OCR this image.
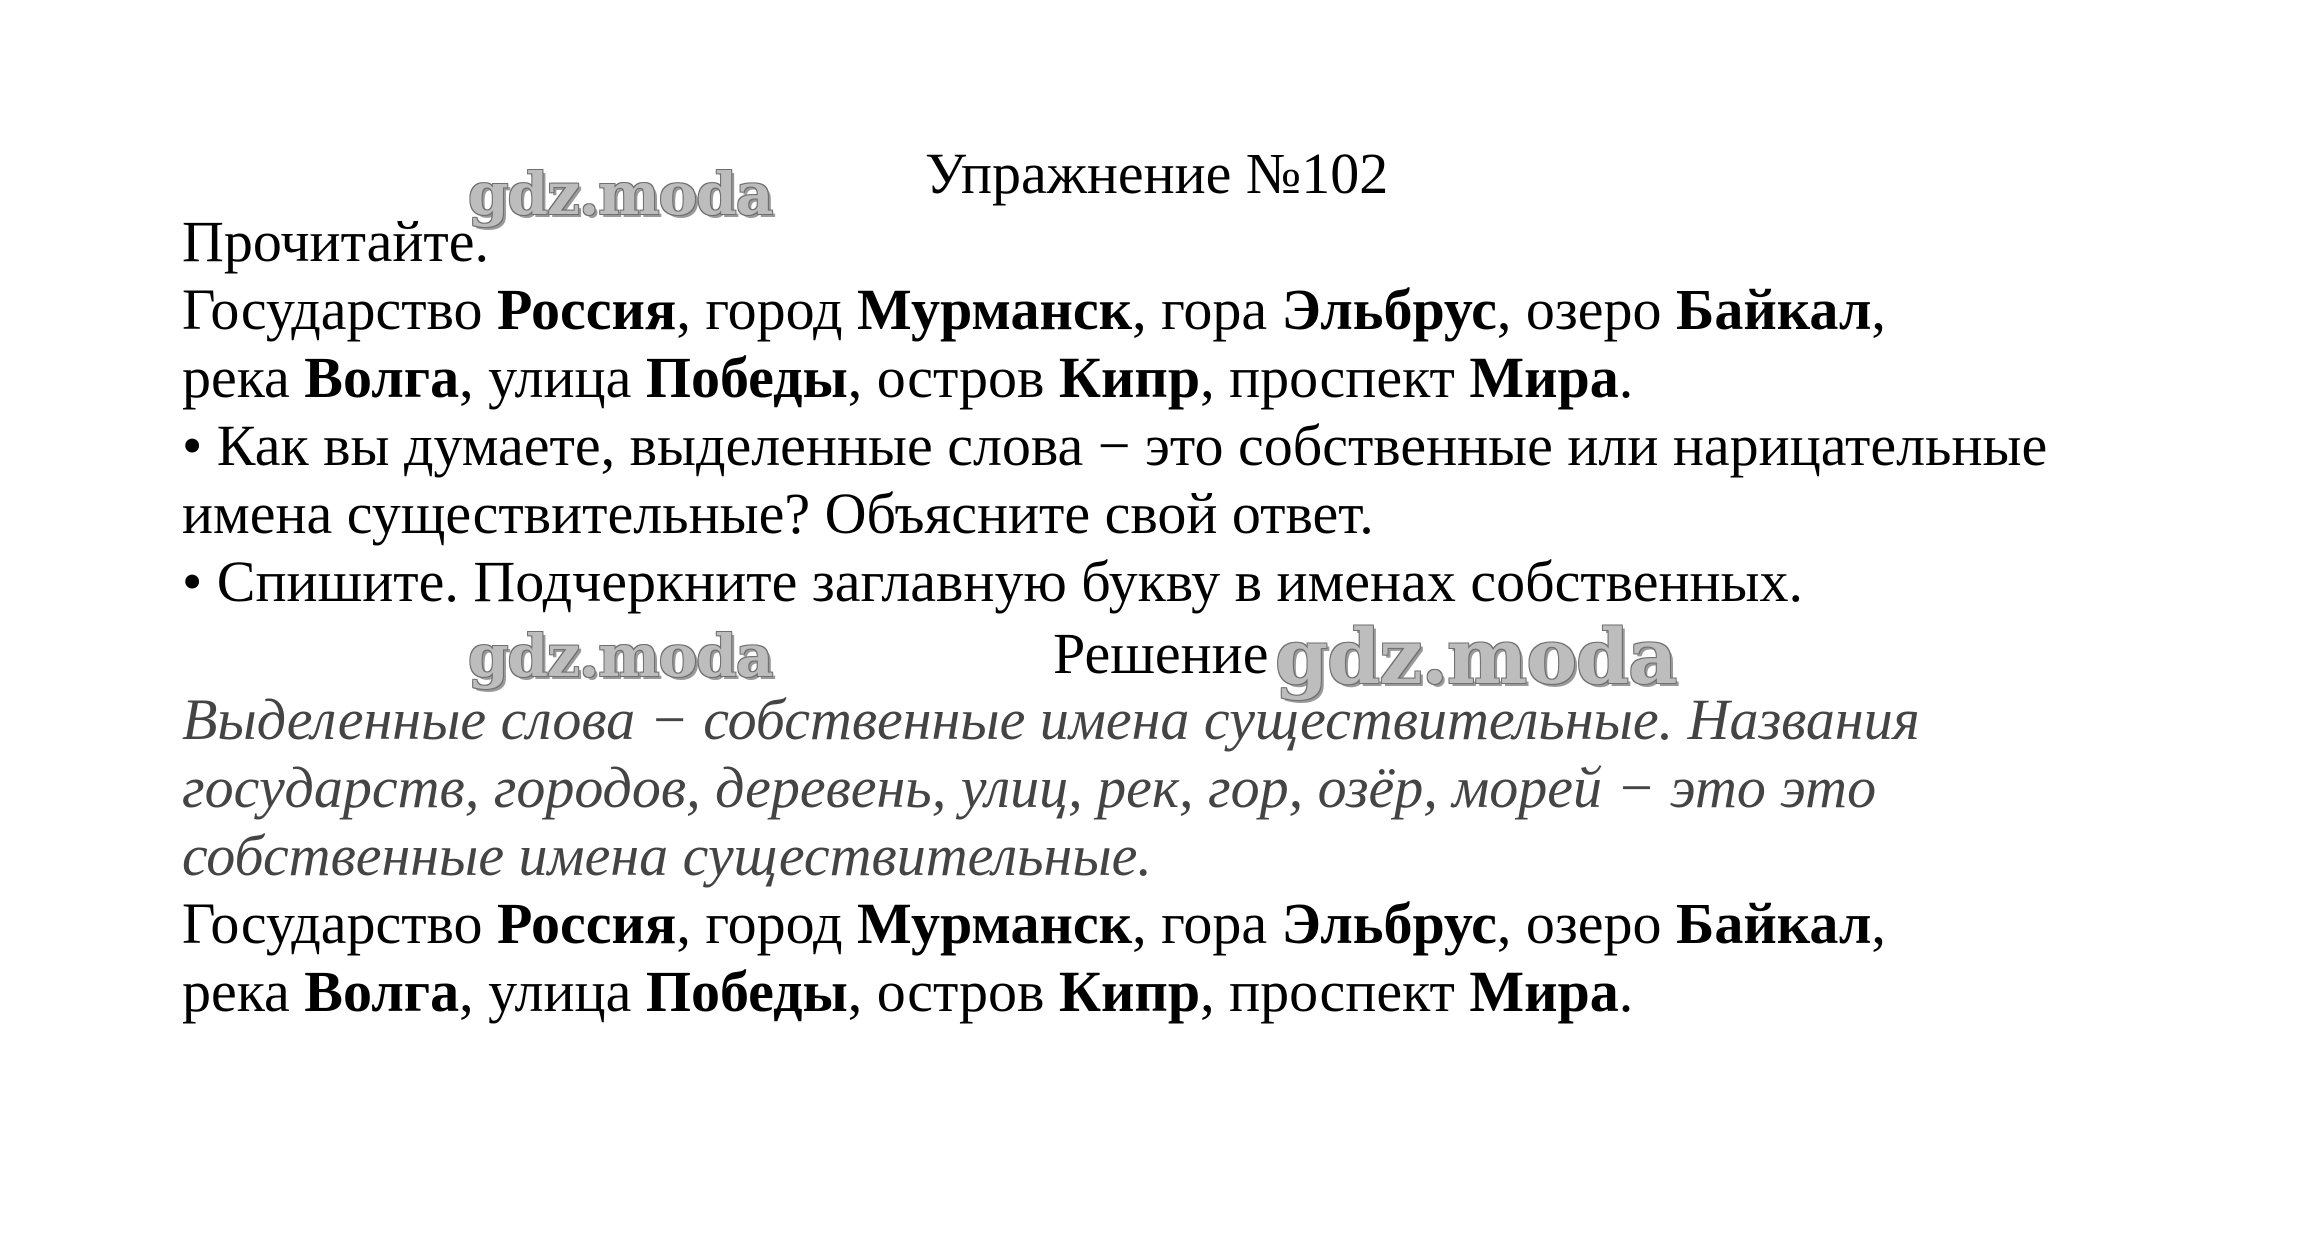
gdz.moda
gdz.moda	gdz.moda
Упражнение №102
Прочитайте.
Государство Россия, город Мурманск, гора Эльбрус, озеро Байкал,
река Волга, улица Победы, остров Кипр, проспект Мира.
• Как вы думаете, выделенные слова − это собственные или нарицательные
имена существительные? Объясните свой ответ.
• Спишите. Подчеркните заглавную букву в именах собственных.
Решение
Выделенные слова − собственные имена существительные. Названия
государств, городов, деревень, улиц, рек, гор, озёр, морей − это это
собственные имена существительные.
Государство Россия, город Мурманск, гора Эльбрус, озеро Байкал,
река Волга, улица Победы, остров Кипр, проспект Мира.
